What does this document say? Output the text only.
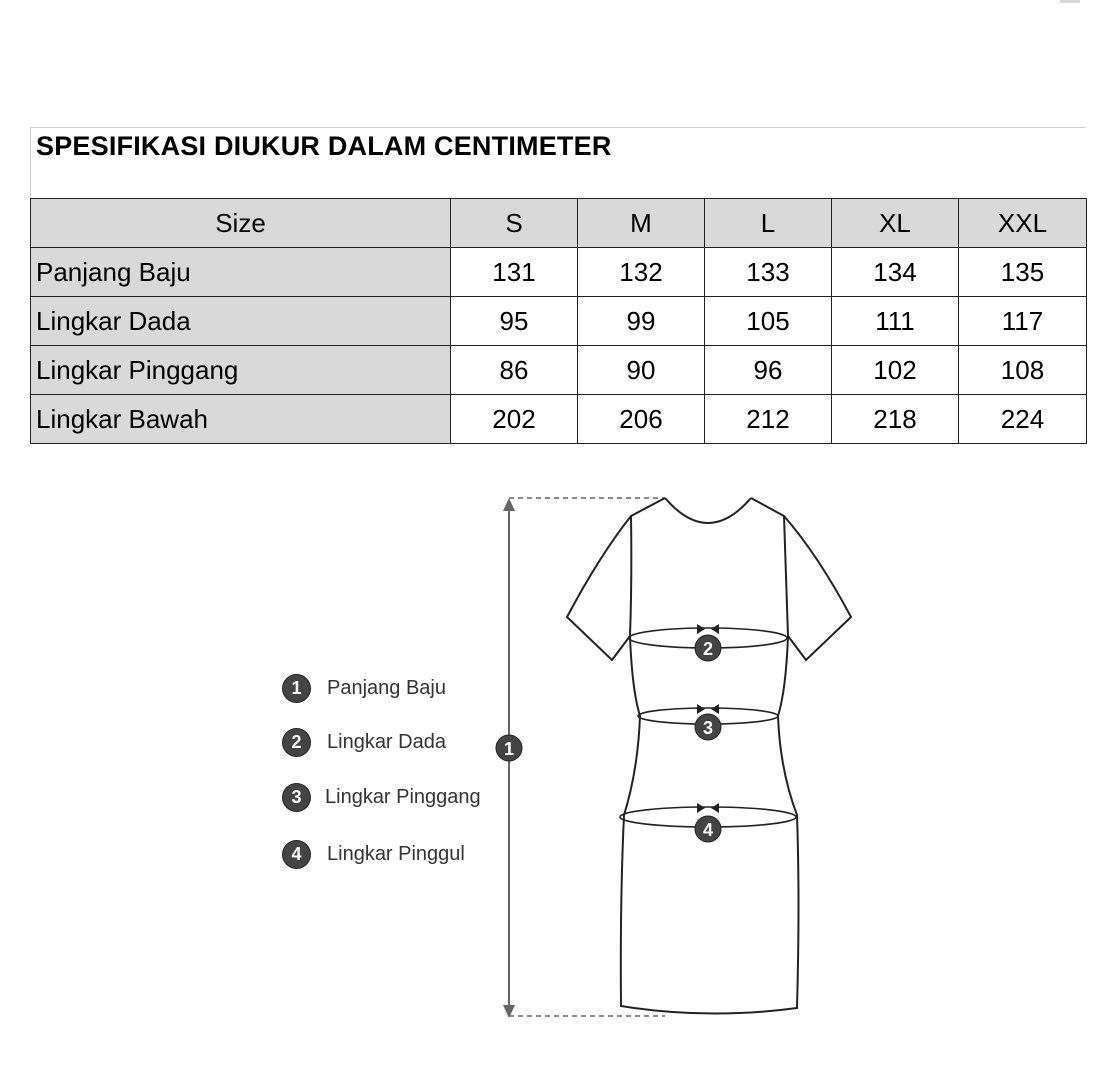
SPESIFIKASI DIUKUR DALAM CENTIMETER
Size	S	M	L	XL	XXL
Panjang Baju	131	132	133	134	135
Lingkar Dada	95	99	105	111	117
Lingkar Pinggang	86	90	96	102	108
Lingkar Bawah	202	206	212	218	224
1	Panjang Baju
2	Lingkar Dada
3	Lingkar Pinggang
4	Lingkar Pinggul
1
2
3
4
